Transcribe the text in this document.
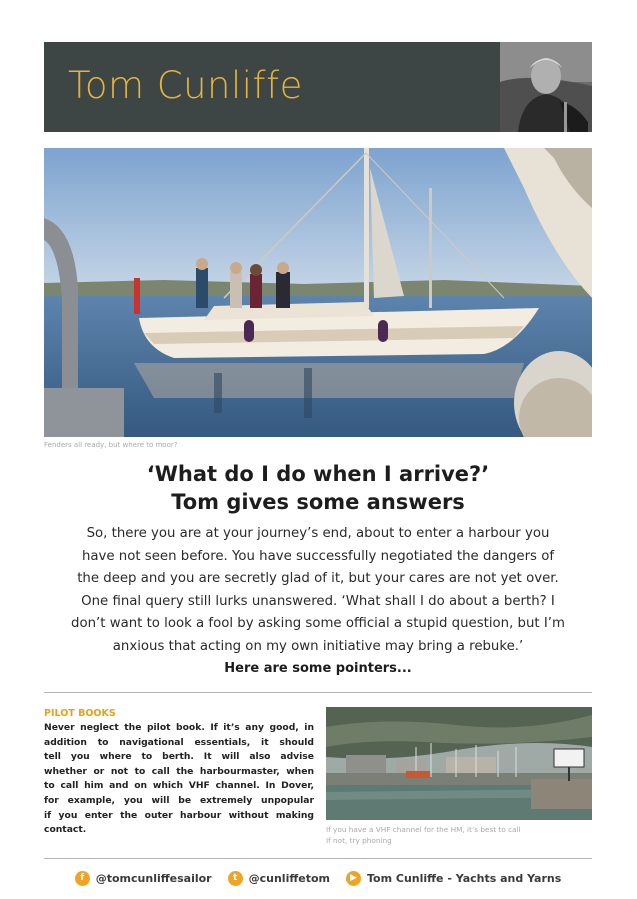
Tom Cunliffe
Fenders all ready, but where to moor?
‘What do I do when I arrive?’
Tom gives some answers
So, there you are at your journey’s end, about to enter a harbour you
have not seen before. You have successfully negotiated the dangers of
the deep and you are secretly glad of it, but your cares are not yet over.
One final query still lurks unanswered. ‘What shall I do about a berth? I
don’t want to look a fool by asking some official a stupid question, but I’m
anxious that acting on my own initiative may bring a rebuke.’
Here are some pointers...
PILOT BOOKS
Never neglect the pilot book. If it’s any good, in
addition to navigational essentials, it should
tell you where to berth. It will also advise
whether or not to call the harbourmaster, when
to call him and on which VHF channel. In Dover,
for example, you will be extremely unpopular
if you enter the outer harbour without making
contact.	If you have a VHF channel for the HM, it’s best to call
If not, try phoning
f	@tomcunliffesailor	t	@cunliffetom	▶ Tom Cunliffe - Yachts and Yarns
